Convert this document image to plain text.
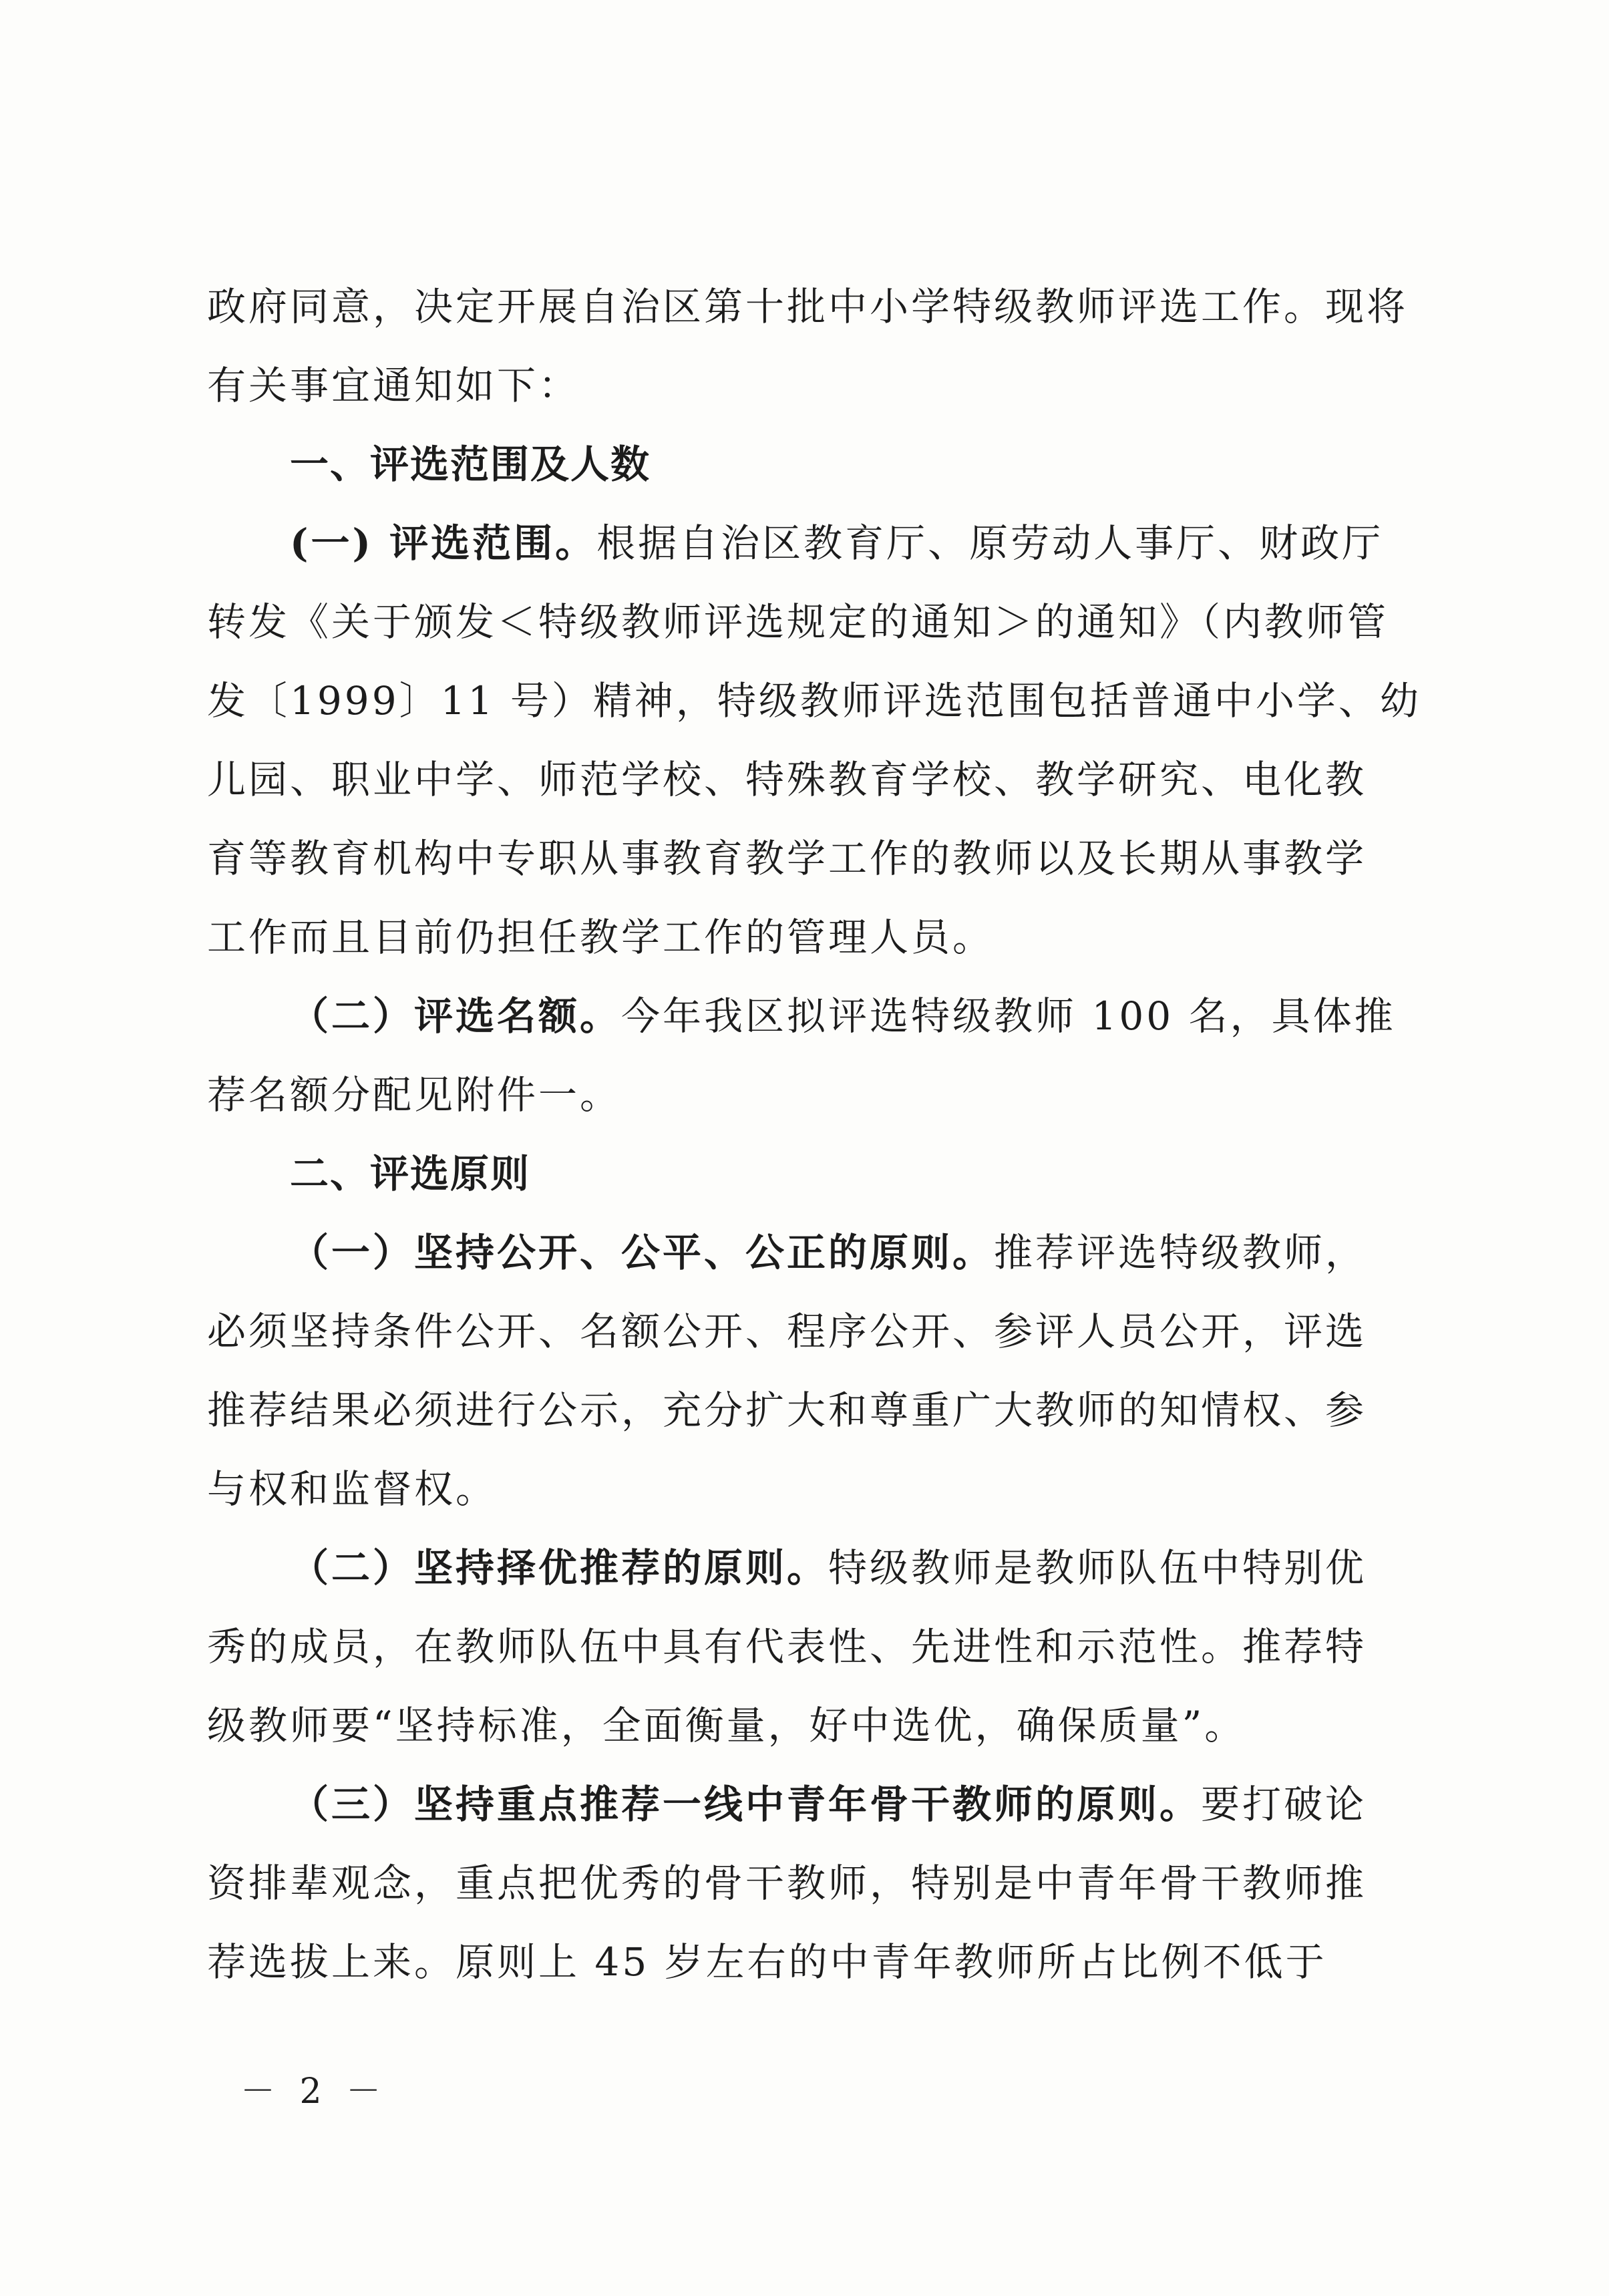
政府同意，决定开展自治区第十批中小学特级教师评选工作。现将
有关事宜通知如下：
一、评选范围及人数
(一) 评选范围。根据自治区教育厅、原劳动人事厅、财政厅
转发《关于颁发＜特级教师评选规定的通知＞的通知》（内教师管
发〔1999〕11 号）精神，特级教师评选范围包括普通中小学、幼
儿园、职业中学、师范学校、特殊教育学校、教学研究、电化教
育等教育机构中专职从事教育教学工作的教师以及长期从事教学
工作而且目前仍担任教学工作的管理人员。
（二）评选名额。今年我区拟评选特级教师 100 名，具体推
荐名额分配见附件一。
二、评选原则
（一）坚持公开、公平、公正的原则。推荐评选特级教师，
必须坚持条件公开、名额公开、程序公开、参评人员公开，评选
推荐结果必须进行公示，充分扩大和尊重广大教师的知情权、参
与权和监督权。
（二）坚持择优推荐的原则。特级教师是教师队伍中特别优
秀的成员，在教师队伍中具有代表性、先进性和示范性。推荐特
级教师要“坚持标准，全面衡量，好中选优，确保质量”。
（三）坚持重点推荐一线中青年骨干教师的原则。要打破论
资排辈观念，重点把优秀的骨干教师，特别是中青年骨干教师推
荐选拔上来。原则上 45 岁左右的中青年教师所占比例不低于
－ 2 －
